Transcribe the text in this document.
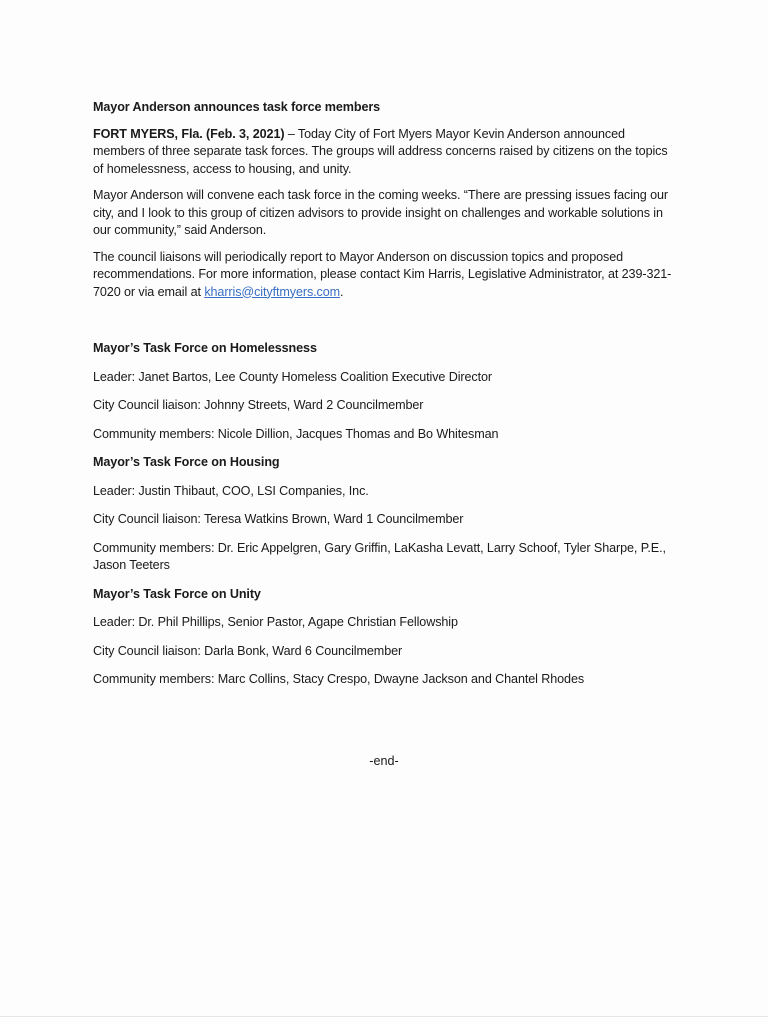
Mayor Anderson announces task force members

FORT MYERS, Fla. (Feb. 3, 2021) – Today City of Fort Myers Mayor Kevin Anderson announced members of three separate task forces. The groups will address concerns raised by citizens on the topics of homelessness, access to housing, and unity.

Mayor Anderson will convene each task force in the coming weeks. “There are pressing issues facing our city, and I look to this group of citizen advisors to provide insight on challenges and workable solutions in our community,” said Anderson.

The council liaisons will periodically report to Mayor Anderson on discussion topics and proposed recommendations. For more information, please contact Kim Harris, Legislative Administrator, at 239-321-7020 or via email at kharris@cityftmyers.com.

Mayor’s Task Force on Homelessness
Leader: Janet Bartos, Lee County Homeless Coalition Executive Director
City Council liaison: Johnny Streets, Ward 2 Councilmember
Community members: Nicole Dillion, Jacques Thomas and Bo Whitesman
Mayor’s Task Force on Housing
Leader: Justin Thibaut, COO, LSI Companies, Inc.
City Council liaison: Teresa Watkins Brown, Ward 1 Councilmember
Community members: Dr. Eric Appelgren, Gary Griffin, LaKasha Levatt, Larry Schoof, Tyler Sharpe, P.E., Jason Teeters
Mayor’s Task Force on Unity
Leader: Dr. Phil Phillips, Senior Pastor, Agape Christian Fellowship
City Council liaison: Darla Bonk, Ward 6 Councilmember
Community members: Marc Collins, Stacy Crespo, Dwayne Jackson and Chantel Rhodes
-end-
